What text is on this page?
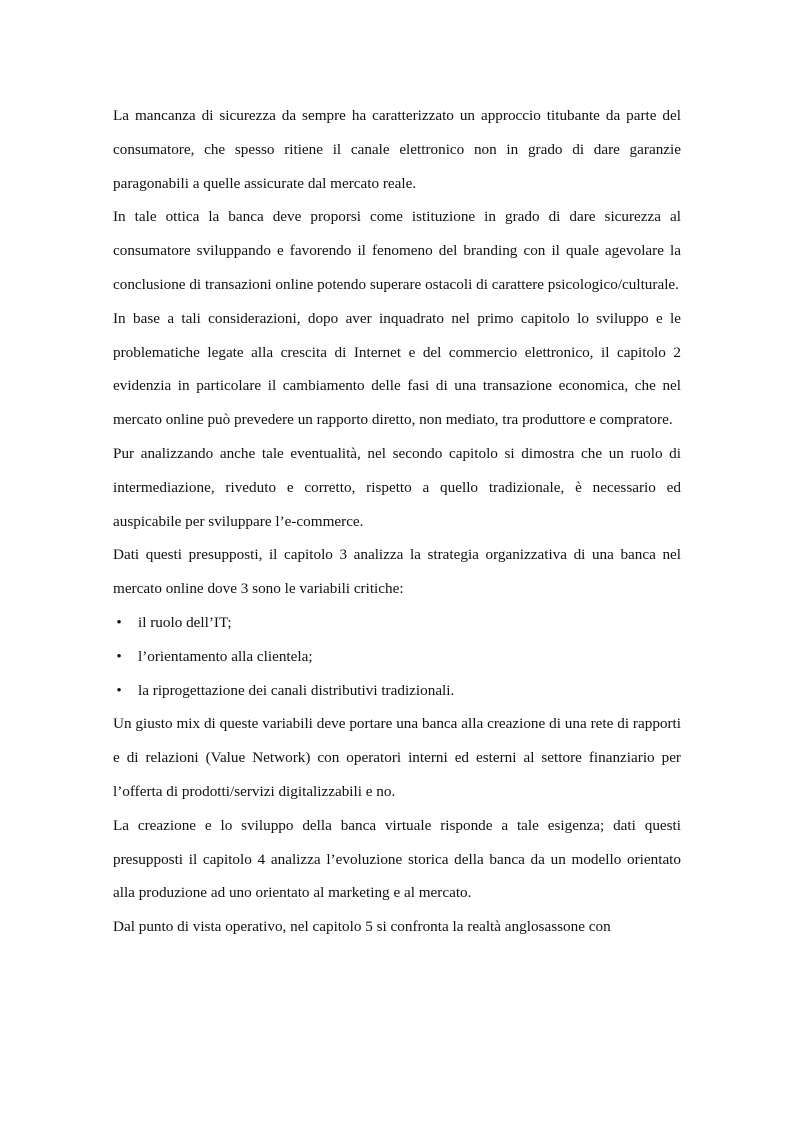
La mancanza di sicurezza da sempre ha caratterizzato un approccio titubante da parte del consumatore, che spesso ritiene il canale elettronico non in grado di dare garanzie paragonabili a quelle assicurate dal mercato reale.

In tale ottica la banca deve proporsi come istituzione in grado di dare sicurezza al consumatore sviluppando e favorendo il fenomeno del branding con il quale agevolare la conclusione di transazioni online potendo superare ostacoli di carattere psicologico/culturale.

In base a tali considerazioni, dopo aver inquadrato nel primo capitolo lo sviluppo e le problematiche legate alla crescita di Internet e del commercio elettronico, il capitolo 2 evidenzia in particolare il cambiamento delle fasi di una transazione economica, che nel mercato online può prevedere un rapporto diretto, non mediato, tra produttore e compratore.

Pur analizzando anche tale eventualità, nel secondo capitolo si dimostra che un ruolo di intermediazione, riveduto e corretto, rispetto a quello tradizionale, è necessario ed auspicabile per sviluppare l’e-commerce.

Dati questi presupposti, il capitolo 3 analizza la strategia organizzativa di una banca nel mercato online dove 3 sono le variabili critiche:

• il ruolo dell’IT;
• l’orientamento alla clientela;
• la riprogettazione dei canali distributivi tradizionali.

Un giusto mix di queste variabili deve portare una banca alla creazione di una rete di rapporti e di relazioni (Value Network) con operatori interni ed esterni al settore finanziario per l’offerta di prodotti/servizi digitalizzabili e no.

La creazione e lo sviluppo della banca virtuale risponde a tale esigenza; dati questi presupposti il capitolo 4 analizza l’evoluzione storica della banca da un modello orientato alla produzione ad uno orientato al marketing e al mercato.

Dal punto di vista operativo, nel capitolo 5 si confronta la realtà anglosassone con
